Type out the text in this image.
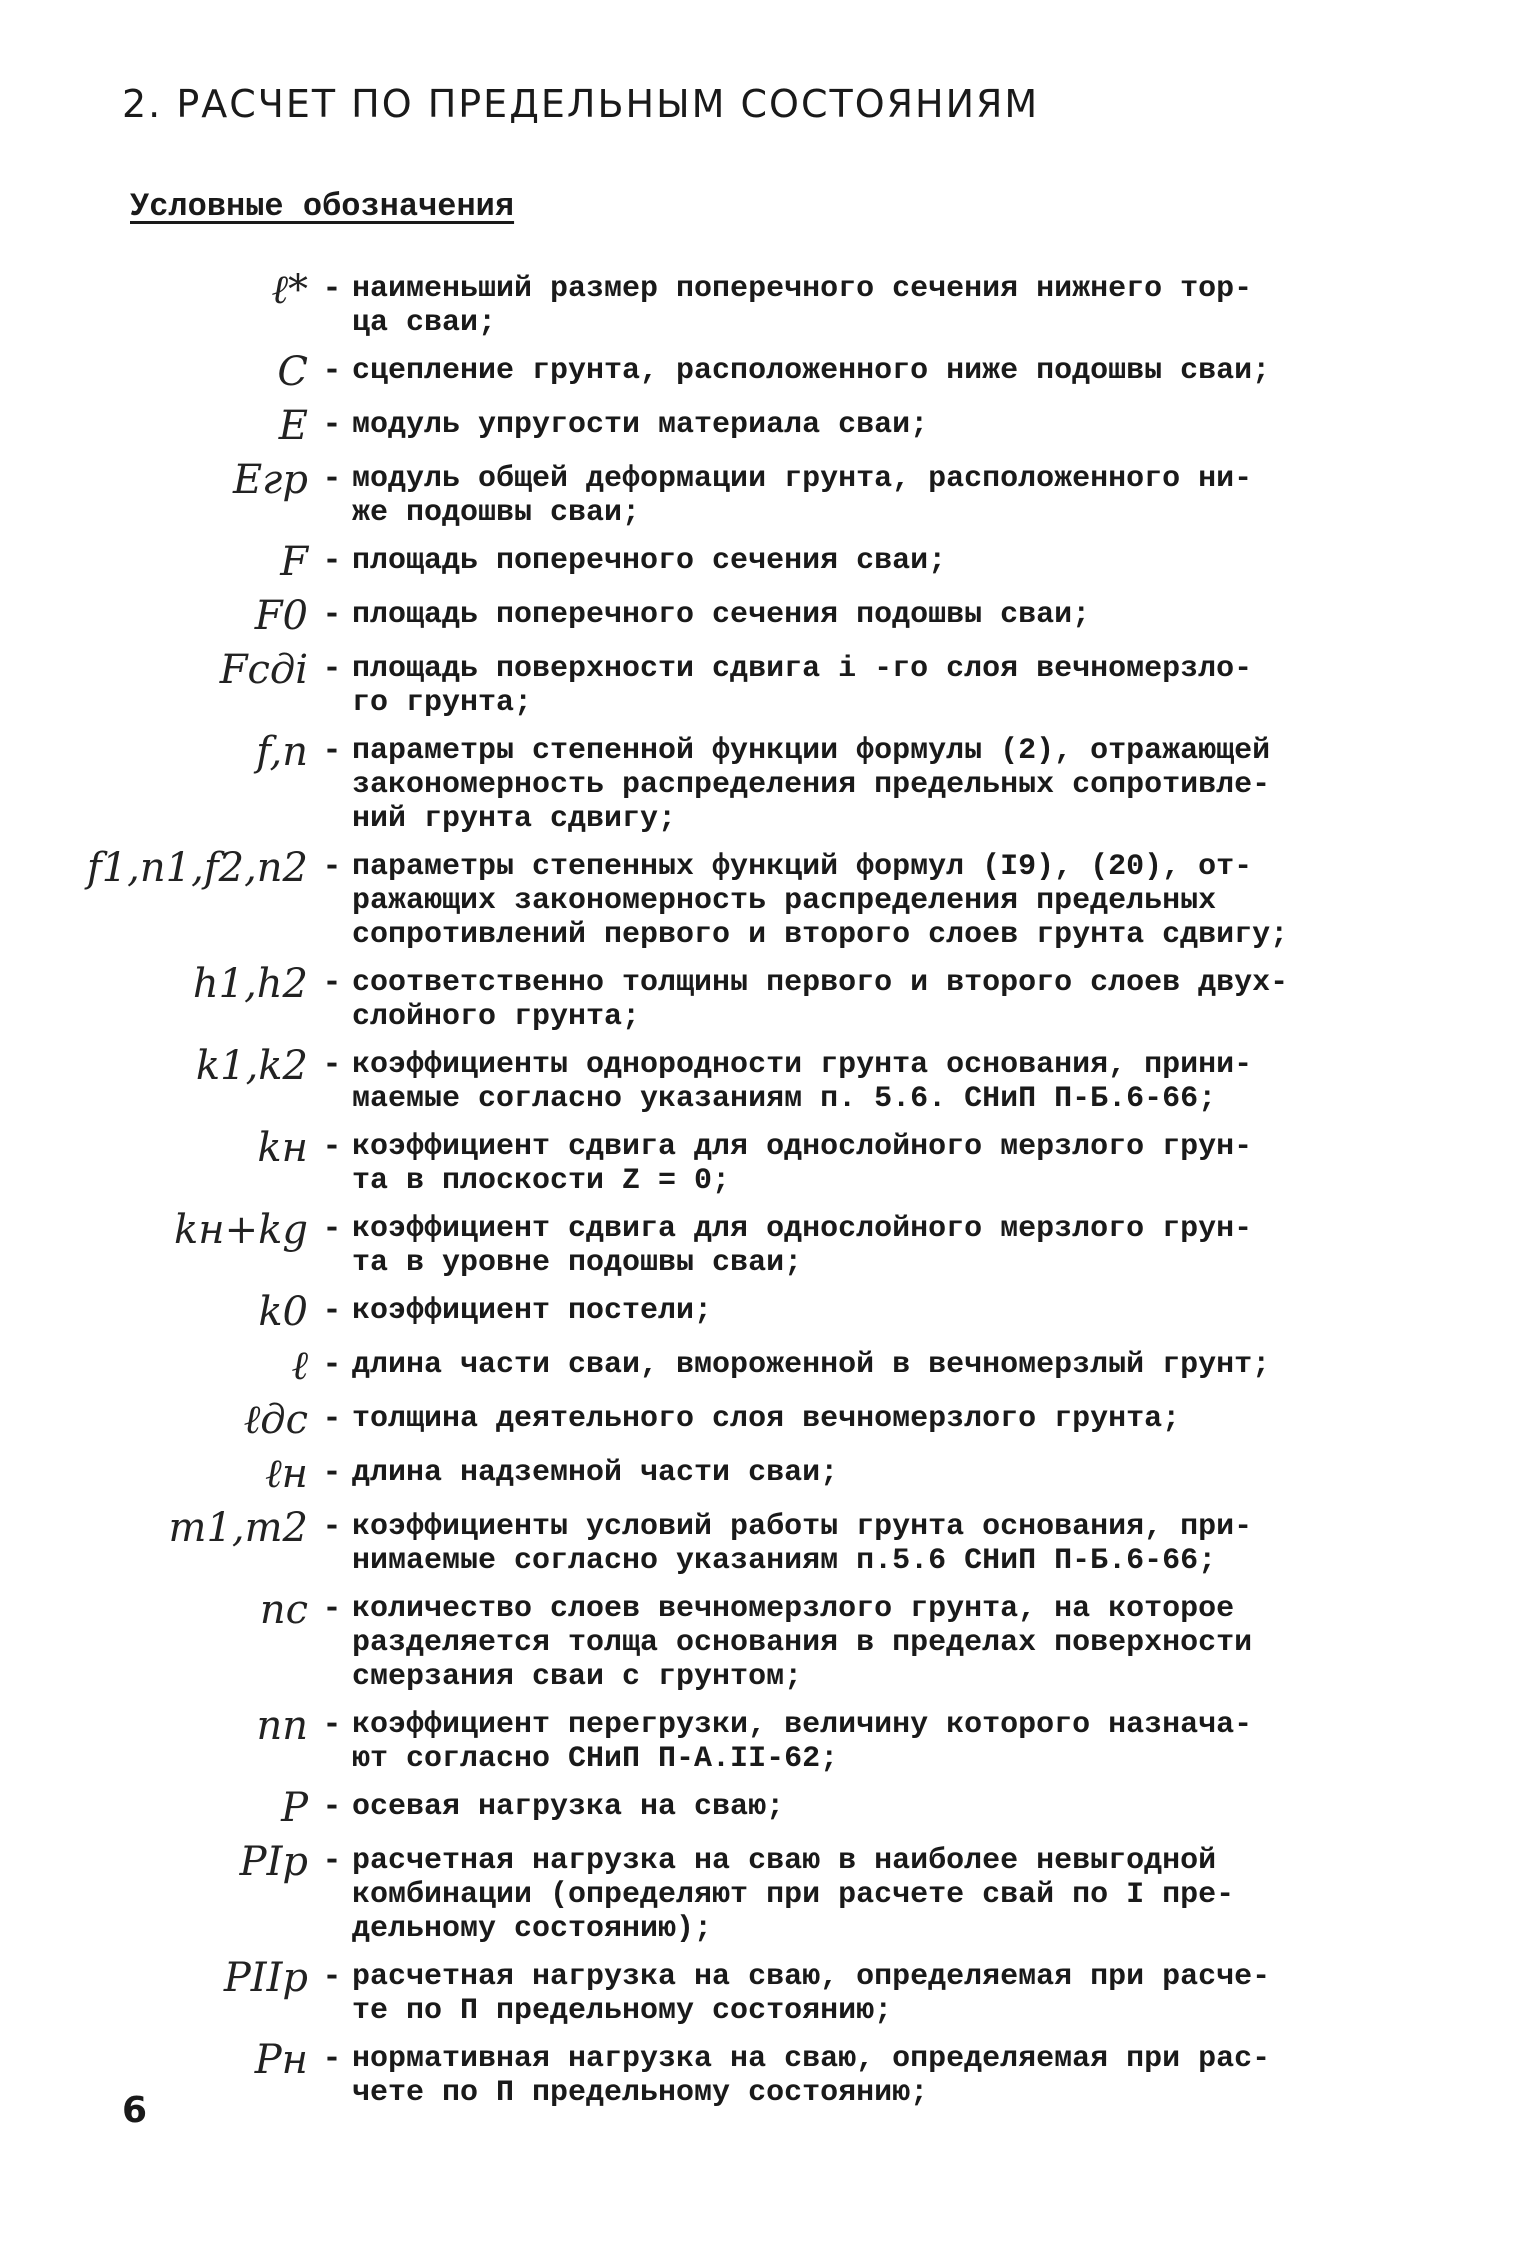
2. РАСЧЕТ ПО ПРЕДЕЛЬНЫМ СОСТОЯНИЯМ
Условные обозначения
ℓ* - наименьший размер поперечного сечения нижнего тор-
ца сваи;
C - сцепление грунта, расположенного ниже подошвы сваи;
E - модуль упругости материала сваи;
Eгр - модуль общей деформации грунта, расположенного ни-
же подошвы сваи;
F - площадь поперечного сечения сваи;
F0 - площадь поперечного сечения подошвы сваи;
Fcдi - площадь поверхности сдвига i -го слоя вечномерзло-
го грунта;
f,n - параметры степенной функции формулы (2), отражающей
закономерность распределения предельных сопротивле-
ний грунта сдвигу;
f1,n1,f2,n2 - параметры степенных функций формул (I9), (20), от-
ражающих закономерность распределения предельных
сопротивлений первого и второго слоев грунта сдвигу;
h1,h2 - соответственно толщины первого и второго слоев двух-
слойного грунта;
k1,k2 - коэффициенты однородности грунта основания, прини-
маемые согласно указаниям п. 5.6. СНиП П-Б.6-66;
kн - коэффициент сдвига для однослойного мерзлого грун-
та в плоскости Z = 0;
kн+kg - коэффициент сдвига для однослойного мерзлого грун-
та в уровне подошвы сваи;
k0 - коэффициент постели;
ℓ - длина части сваи, вмороженной в вечномерзлый грунт;
ℓдс - толщина деятельного слоя вечномерзлого грунта;
ℓн - длина надземной части сваи;
m1,m2 - коэффициенты условий работы грунта основания, при-
нимаемые согласно указаниям п.5.6 СНиП П-Б.6-66;
nc - количество слоев вечномерзлого грунта, на которое
разделяется толща основания в пределах поверхности
смерзания сваи с грунтом;
nп - коэффициент перегрузки, величину которого назнача-
ют согласно СНиП П-А.II-62;
P - осевая нагрузка на сваю;
PIp - расчетная нагрузка на сваю в наиболее невыгодной
комбинации (определяют при расчете свай по I пре-
дельному состоянию);
PIIp - расчетная нагрузка на сваю, определяемая при расче-
те по П предельному состоянию;
Pн - нормативная нагрузка на сваю, определяемая при рас-
чете по П предельному состоянию;
6
